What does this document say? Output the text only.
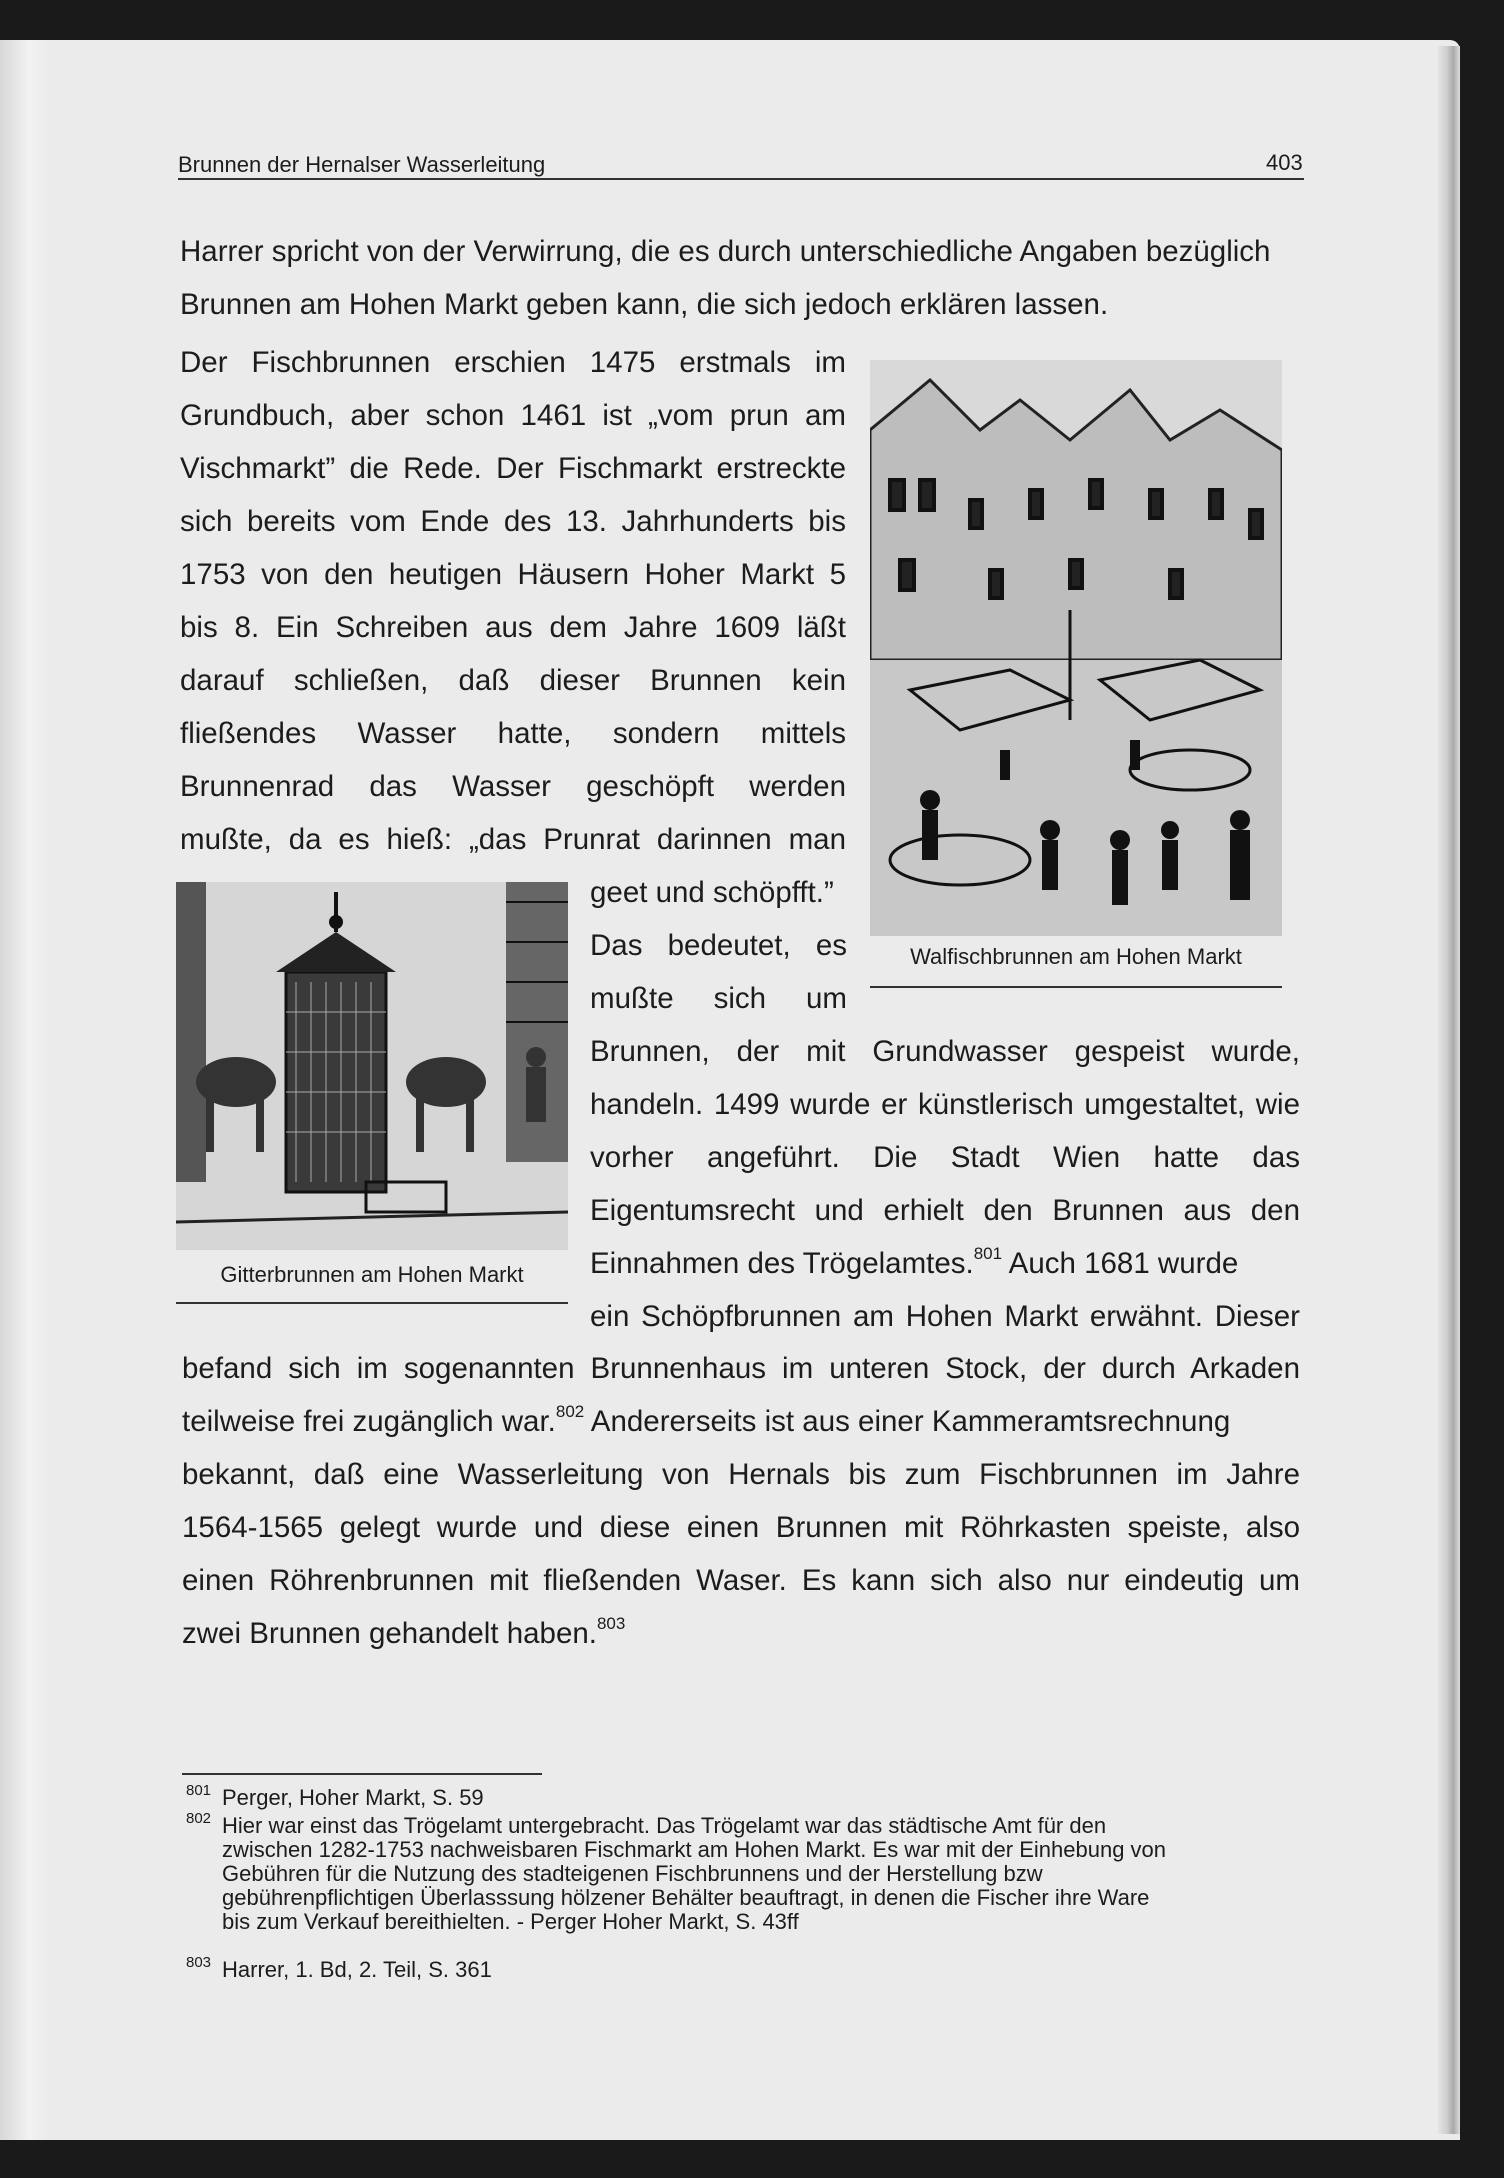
Brunnen der Hernalser Wasserleitung	403
Harrer spricht von der Verwirrung, die es durch unterschiedliche Angaben bezüglich
Brunnen am Hohen Markt geben kann, die sich jedoch erklären lassen.
Der Fischbrunnen erschien 1475 erstmals im
Grundbuch, aber schon 1461 ist „vom prun am
Vischmarkt” die Rede. Der Fischmarkt erstreckte
sich bereits vom Ende des 13. Jahrhunderts bis
1753 von den heutigen Häusern Hoher Markt 5
bis 8. Ein Schreiben aus dem Jahre 1609 läßt
darauf schließen, daß dieser Brunnen kein
fließendes Wasser hatte, sondern mittels
Brunnenrad das Wasser geschöpft werden
mußte, da es hieß: „das Prunrat darinnen man
geet und schöpfft.”
Das bedeutet, es
mußte sich um
Brunnen, der mit Grundwasser gespeist wurde,
handeln. 1499 wurde er künstlerisch umgestaltet, wie
vorher angeführt. Die Stadt Wien hatte das
Eigentumsrecht und erhielt den Brunnen aus den
Einnahmen des Trögelamtes.$^{801}$ Auch 1681 wurde
ein Schöpfbrunnen am Hohen Markt erwähnt. Dieser
befand sich im sogenannten Brunnenhaus im unteren Stock, der durch Arkaden
teilweise frei zugänglich war.$^{802}$ Andererseits ist aus einer Kammeramtsrechnung
bekannt, daß eine Wasserleitung von Hernals bis zum Fischbrunnen im Jahre
1564-1565 gelegt wurde und diese einen Brunnen mit Röhrkasten speiste, also
einen Röhrenbrunnen mit fließenden Waser. Es kann sich also nur eindeutig um
zwei Brunnen gehandelt haben.$^{803}$
Walfischbrunnen am Hohen Markt
Gitterbrunnen am Hohen Markt
801 Perger, Hoher Markt, S. 59
802 Hier war einst das Trögelamt untergebracht. Das Trögelamt war das städtische Amt für den
zwischen 1282-1753 nachweisbaren Fischmarkt am Hohen Markt. Es war mit der Einhebung von
Gebühren für die Nutzung des stadteigenen Fischbrunnens und der Herstellung bzw
gebührenpflichtigen Überlasssung hölzener Behälter beauftragt, in denen die Fischer ihre Ware
bis zum Verkauf bereithielten. - Perger Hoher Markt, S. 43ff
803 Harrer, 1. Bd, 2. Teil, S. 361
